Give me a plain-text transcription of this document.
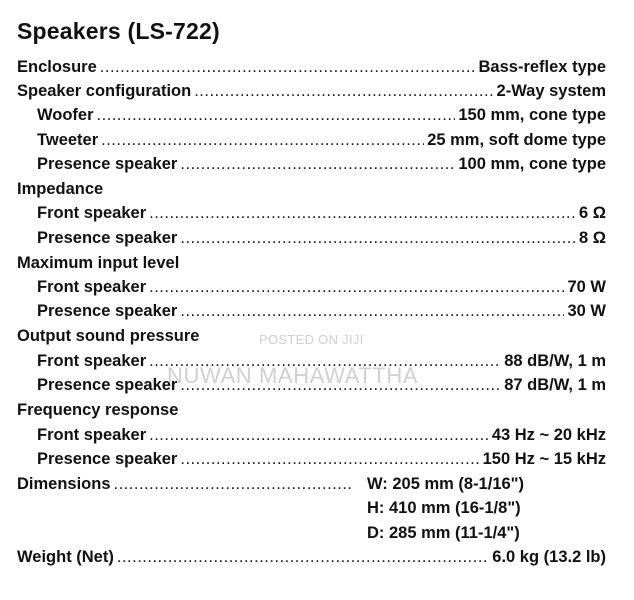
Speakers (LS-722)
Enclosure .....	Bass-reflex type
Speaker configuration .....	2-Way system
Woofer .....	150 mm, cone type
Tweeter .....	25 mm, soft dome type
Presence speaker .....	100 mm, cone type
Impedance
Front speaker .....	6 Ω
Presence speaker .....	8 Ω
Maximum input level
Front speaker .....	70 W
Presence speaker .....	30 W
Output sound pressure
Front speaker .....	88 dB/W, 1 m
Presence speaker .....	87 dB/W, 1 m
Frequency response
Front speaker .....	43 Hz ~ 20 kHz
Presence speaker .....	150 Hz ~ 15 kHz
Dimensions .....	W: 205 mm (8-1/16")
H: 410 mm (16-1/8")
D: 285 mm (11-1/4")
Weight (Net) .....	6.0 kg (13.2 lb)
POSTED ON JIJI
NUWAN MAHAWATTHA
